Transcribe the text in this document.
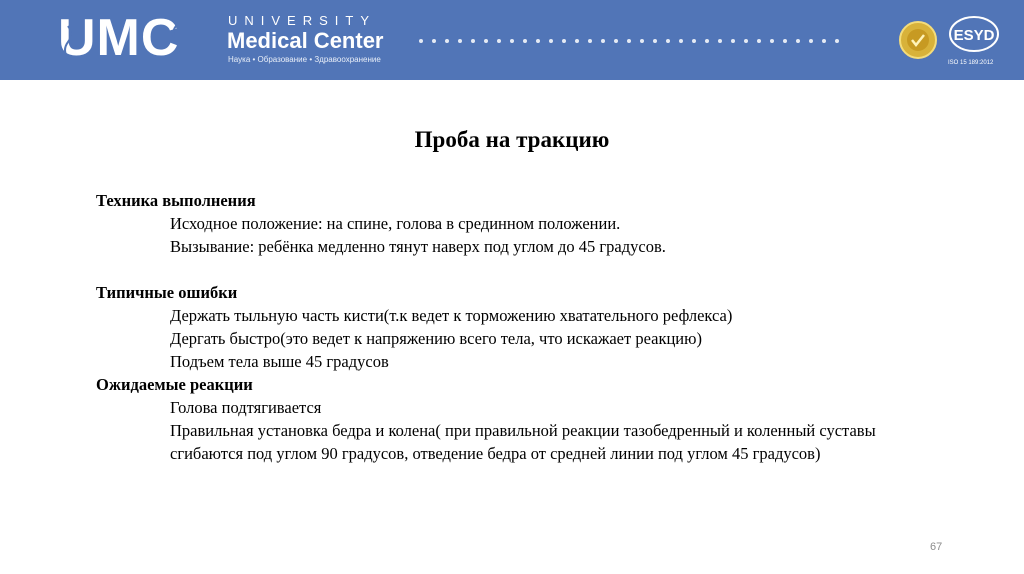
UMC	UNIVERSITY
Medical Center
Наука • Образование • Здравоохранение
ESYD
ISO 15 189:2012
Проба на тракцию
Техника выполнения
Исходное положение: на спине, голова в срединном положении.
Вызывание: ребёнка медленно тянут наверх под углом до 45 градусов.
Типичные ошибки
Держать тыльную часть кисти(т.к ведет к торможению хватательного рефлекса)
Дергать быстро(это ведет к напряжению всего тела, что искажает реакцию)
Подъем тела выше 45 градусов
Ожидаемые реакции
Голова подтягивается
Правильная установка бедра и колена( при правильной реакции тазобедренный и коленный суставы
сгибаются под углом 90 градусов, отведение бедра от средней линии под углом 45 градусов)
67
